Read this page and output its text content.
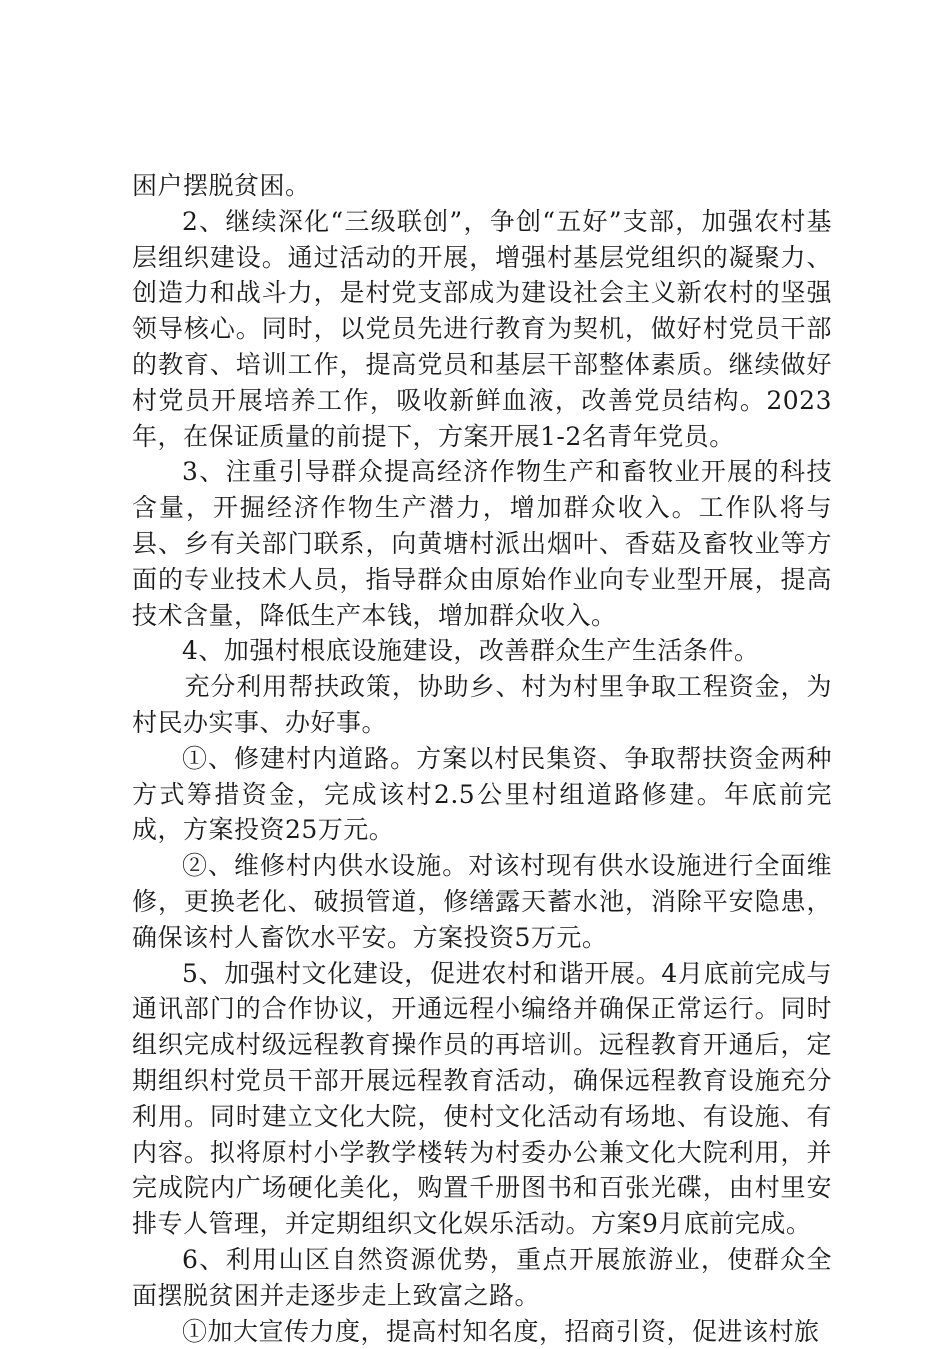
困户摆脱贫困。

2、继续深化“三级联创”，争创“五好”支部，加强农村基层组织建设。通过活动的开展，增强村基层党组织的凝聚力、创造力和战斗力，是村党支部成为建设社会主义新农村的坚强领导核心。同时，以党员先进行教育为契机，做好村党员干部的教育、培训工作，提高党员和基层干部整体素质。继续做好村党员开展培养工作，吸收新鲜血液，改善党员结构。2023年，在保证质量的前提下，方案开展1-2名青年党员。

3、注重引导群众提高经济作物生产和畜牧业开展的科技含量，开掘经济作物生产潜力，增加群众收入。工作队将与县、乡有关部门联系，向黄塘村派出烟叶、香菇及畜牧业等方面的专业技术人员，指导群众由原始作业向专业型开展，提高技术含量，降低生产本钱，增加群众收入。

4、加强村根底设施建设，改善群众生产生活条件。

充分利用帮扶政策，协助乡、村为村里争取工程资金，为村民办实事、办好事。

①、修建村内道路。方案以村民集资、争取帮扶资金两种方式筹措资金，完成该村2.5公里村组道路修建。年底前完成，方案投资25万元。

②、维修村内供水设施。对该村现有供水设施进行全面维修，更换老化、破损管道，修缮露天蓄水池，消除平安隐患，确保该村人畜饮水平安。方案投资5万元。

5、加强村文化建设，促进农村和谐开展。4月底前完成与通讯部门的合作协议，开通远程小编络并确保正常运行。同时组织完成村级远程教育操作员的再培训。远程教育开通后，定期组织村党员干部开展远程教育活动，确保远程教育设施充分利用。同时建立文化大院，使村文化活动有场地、有设施、有内容。拟将原村小学教学楼转为村委办公兼文化大院利用，并完成院内广场硬化美化，购置千册图书和百张光碟，由村里安排专人管理，并定期组织文化娱乐活动。方案9月底前完成。

6、利用山区自然资源优势，重点开展旅游业，使群众全面摆脱贫困并走逐步走上致富之路。

①加大宣传力度，提高村知名度，招商引资，促进该村旅
